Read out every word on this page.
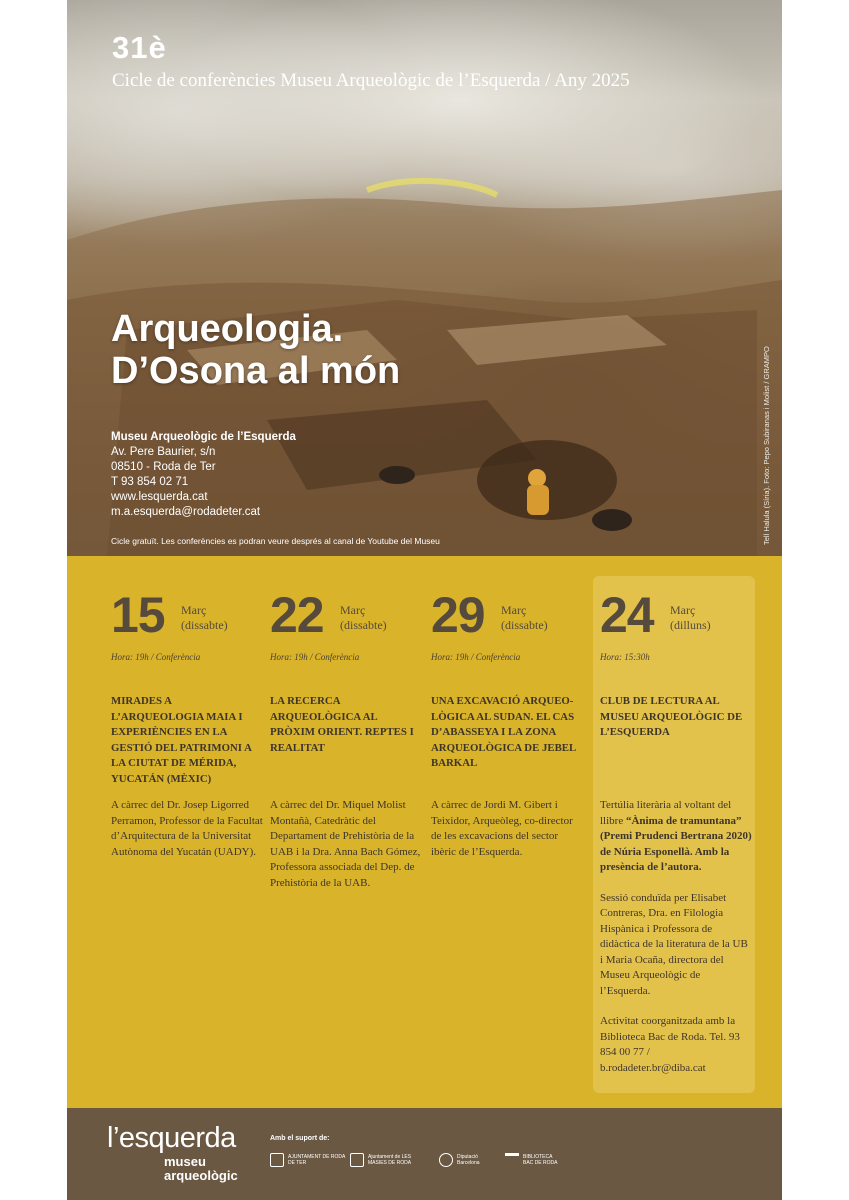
31è
Cicle de conferències Museu Arqueològic de l’Esquerda / Any 2025
Arqueologia.
D’Osona al món
Museu Arqueològic de l’Esquerda
Av. Pere Baurier, s/n
08510 - Roda de Ter
T 93 854 02 71
www.lesquerda.cat
m.a.esquerda@rodadeter.cat
Cicle gratuït. Les conferències es podran veure després al canal de Youtube del Museu	Tell Halula (Síria). Foto: Pepo Subiranas i Molist / GRAMPO
15 Març
(dissabte)
Hora: 19h / Conferència
MIRADES A L’ARQUEOLOGIA MAIA I EXPERIÈNCIES EN LA GESTIÓ DEL PATRIMONI A LA CIUTAT DE MÉRIDA, YUCATÁN (MÈXIC)
A càrrec del Dr. Josep Ligorred Perramon, Professor de la Facultat d’Arquitectura de la Universitat Autònoma del Yucatán (UADY).
22 Març
(dissabte)
Hora: 19h / Conferència
LA RECERCA ARQUEOLÒGICA AL PRÒXIM ORIENT. REPTES I REALITAT
A càrrec del Dr. Miquel Molist Montañà, Catedràtic del Departament de Prehistòria de la UAB i la Dra. Anna Bach Gómez, Professora associada del Dep. de Prehistòria de la UAB.
29 Març
(dissabte)
Hora: 19h / Conferència
UNA EXCAVACIÓ ARQUEO-LÒGICA AL SUDAN. EL CAS D’ABASSEYA I LA ZONA ARQUEOLÒGICA DE JEBEL BARKAL
A càrrec de Jordi M. Gibert i Teixidor, Arqueòleg, co-director de les excavacions del sector ibèric de l’Esquerda.
24 Març
(dilluns)
Hora: 15:30h
CLUB DE LECTURA AL MUSEU ARQUEOLÒGIC DE L’ESQUERDA

Tertúlia literària al voltant del llibre “Ànima de tramuntana” (Premi Prudenci Bertrana 2020) de Núria Esponellà. Amb la presència de l’autora.

Sessió conduïda per Elisabet Contreras, Dra. en Filologia Hispànica i Professora de didàctica de la literatura de la UB i Maria Ocaña, directora del Museu Arqueològic de l’Esquerda.

Activitat coorganitzada amb la Biblioteca Bac de Roda. Tel. 93 854 00 77 / b.rodadeter.br@diba.cat

l’esquerda
museu
arqueològic
Amb el suport de:
AJUNTAMENT DE RODA DE TER
Ajuntament de LES MASIES DE RODA
Diputació Barcelona
BIBLIOTECA BAC DE RODA
